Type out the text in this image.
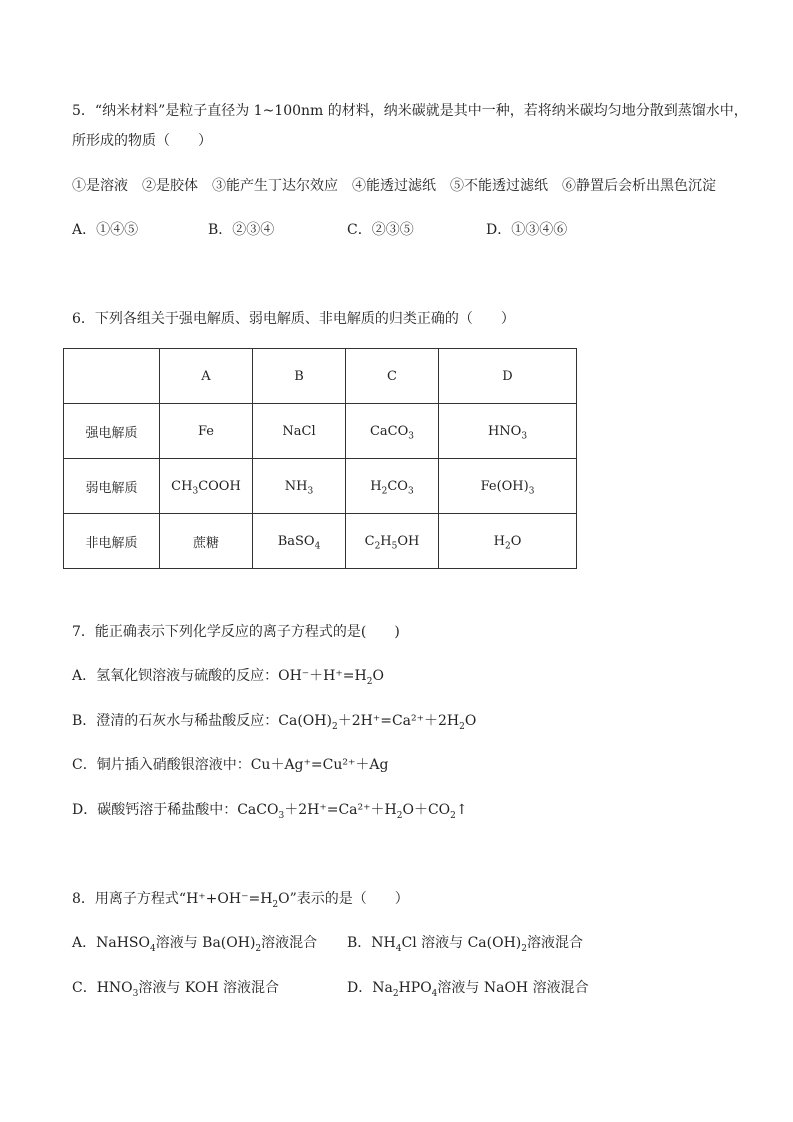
5．“纳米材料”是粒子直径为 1~100nm 的材料，纳米碳就是其中一种，若将纳米碳均匀地分散到蒸馏水中，
所形成的物质（　　）
①是溶液　②是胶体　③能产生丁达尔效应　④能透过滤纸　⑤不能透过滤纸　⑥静置后会析出黑色沉淀
A．①④⑤	B．②③④	C．②③⑤	D．①③④⑥
6．下列各组关于强电解质、弱电解质、非电解质的归类正确的（　　）
	A	B	C	D
强电解质	Fe	NaCl	CaCO$_3$	$HNO_3$
弱电解质	$CH_3COOH$	$NH_3$	$H_2CO_3$	$Fe(OH)_3$
非电解质	蔗糖	BaSO$_4$	$C_2H_5OH$	$H_2O$
7．能正确表示下列化学反应的离子方程式的是(　　)
A．氢氧化钡溶液与硫酸的反应：$OH^-+H^+=H_2O$
B．澄清的石灰水与稀盐酸反应：$Ca(OH)_2+2H^+=Ca^{2+}+2H_2O$
C．铜片插入硝酸银溶液中：Cu＋Ag⁺=Cu²⁺＋Ag
D．碳酸钙溶于稀盐酸中：$CaCO_3+2H^+=Ca^{2+}+H_2O+CO_2↑$
8．用离子方程式“$H^++OH^-=H_2O$”表示的是（　　）
A．NaHSO$_4$溶液与 $Ba(OH)_2$溶液混合 B．$NH_4Cl$ 溶液与 $Ca(OH)_2$溶液混合
C．$HNO_3$溶液与 KOH 溶液混合	D．$Na_2HPO_4$溶液与 NaOH 溶液混合
